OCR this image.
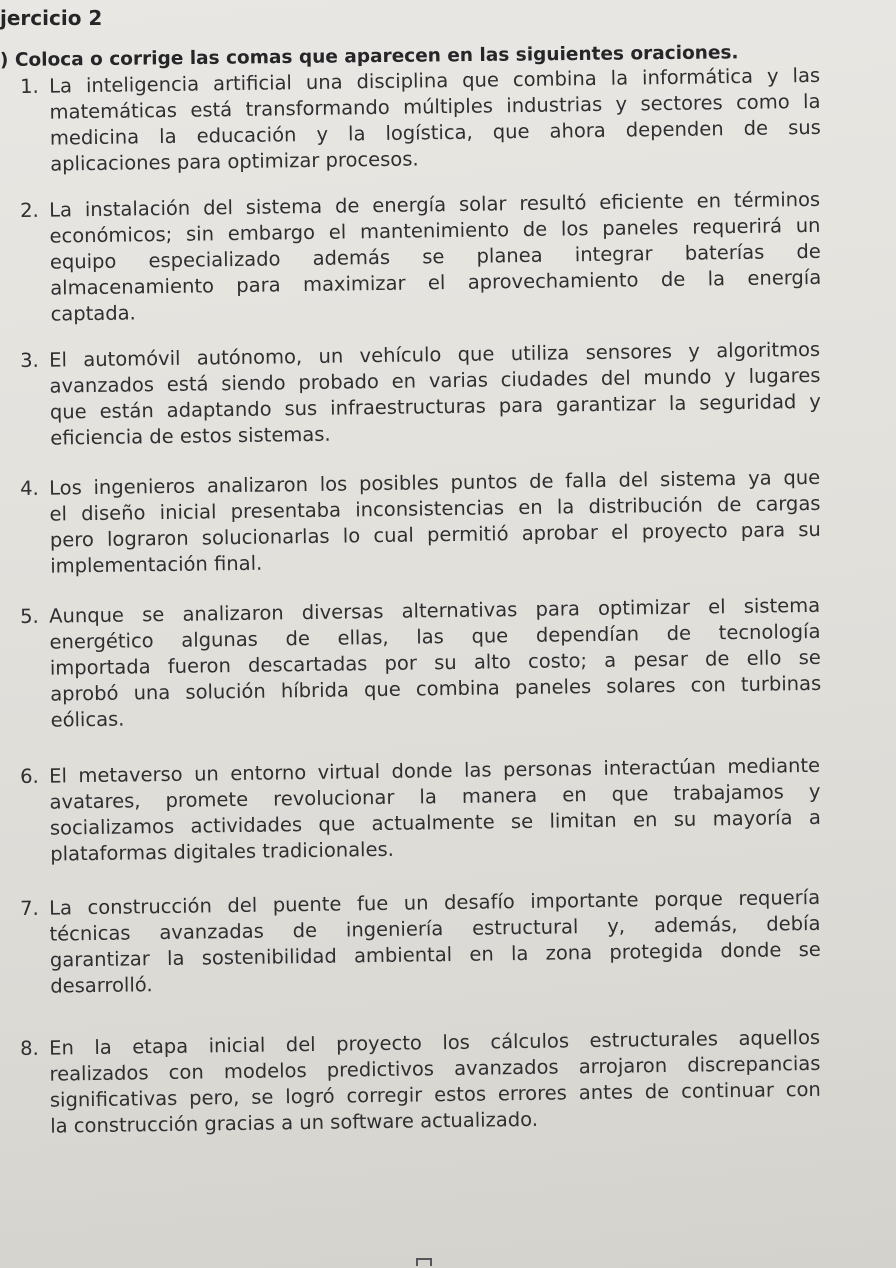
jercicio 2
) Coloca o corrige las comas que aparecen en las siguientes oraciones.
1. La inteligencia artificial una disciplina que combina la informática y las
matemáticas está transformando múltiples industrias y sectores como la
medicina la educación y la logística, que ahora dependen de sus
aplicaciones para optimizar procesos.
2. La instalación del sistema de energía solar resultó eficiente en términos
económicos; sin embargo el mantenimiento de los paneles requerirá un
equipo especializado además se planea integrar baterías de
almacenamiento para maximizar el aprovechamiento de la energía
captada.
3. El automóvil autónomo, un vehículo que utiliza sensores y algoritmos
avanzados está siendo probado en varias ciudades del mundo y lugares
que están adaptando sus infraestructuras para garantizar la seguridad y
eficiencia de estos sistemas.
4. Los ingenieros analizaron los posibles puntos de falla del sistema ya que
el diseño inicial presentaba inconsistencias en la distribución de cargas
pero lograron solucionarlas lo cual permitió aprobar el proyecto para su
implementación final.
5. Aunque se analizaron diversas alternativas para optimizar el sistema
energético algunas de ellas, las que dependían de tecnología
importada fueron descartadas por su alto costo; a pesar de ello se
aprobó una solución híbrida que combina paneles solares con turbinas
eólicas.
6. El metaverso un entorno virtual donde las personas interactúan mediante
avatares, promete revolucionar la manera en que trabajamos y
socializamos actividades que actualmente se limitan en su mayoría a
plataformas digitales tradicionales.
7. La construcción del puente fue un desafío importante porque requería
técnicas avanzadas de ingeniería estructural y, además, debía
garantizar la sostenibilidad ambiental en la zona protegida donde se
desarrolló.
8. En la etapa inicial del proyecto los cálculos estructurales aquellos
realizados con modelos predictivos avanzados arrojaron discrepancias
significativas pero, se logró corregir estos errores antes de continuar con
la construcción gracias a un software actualizado.
